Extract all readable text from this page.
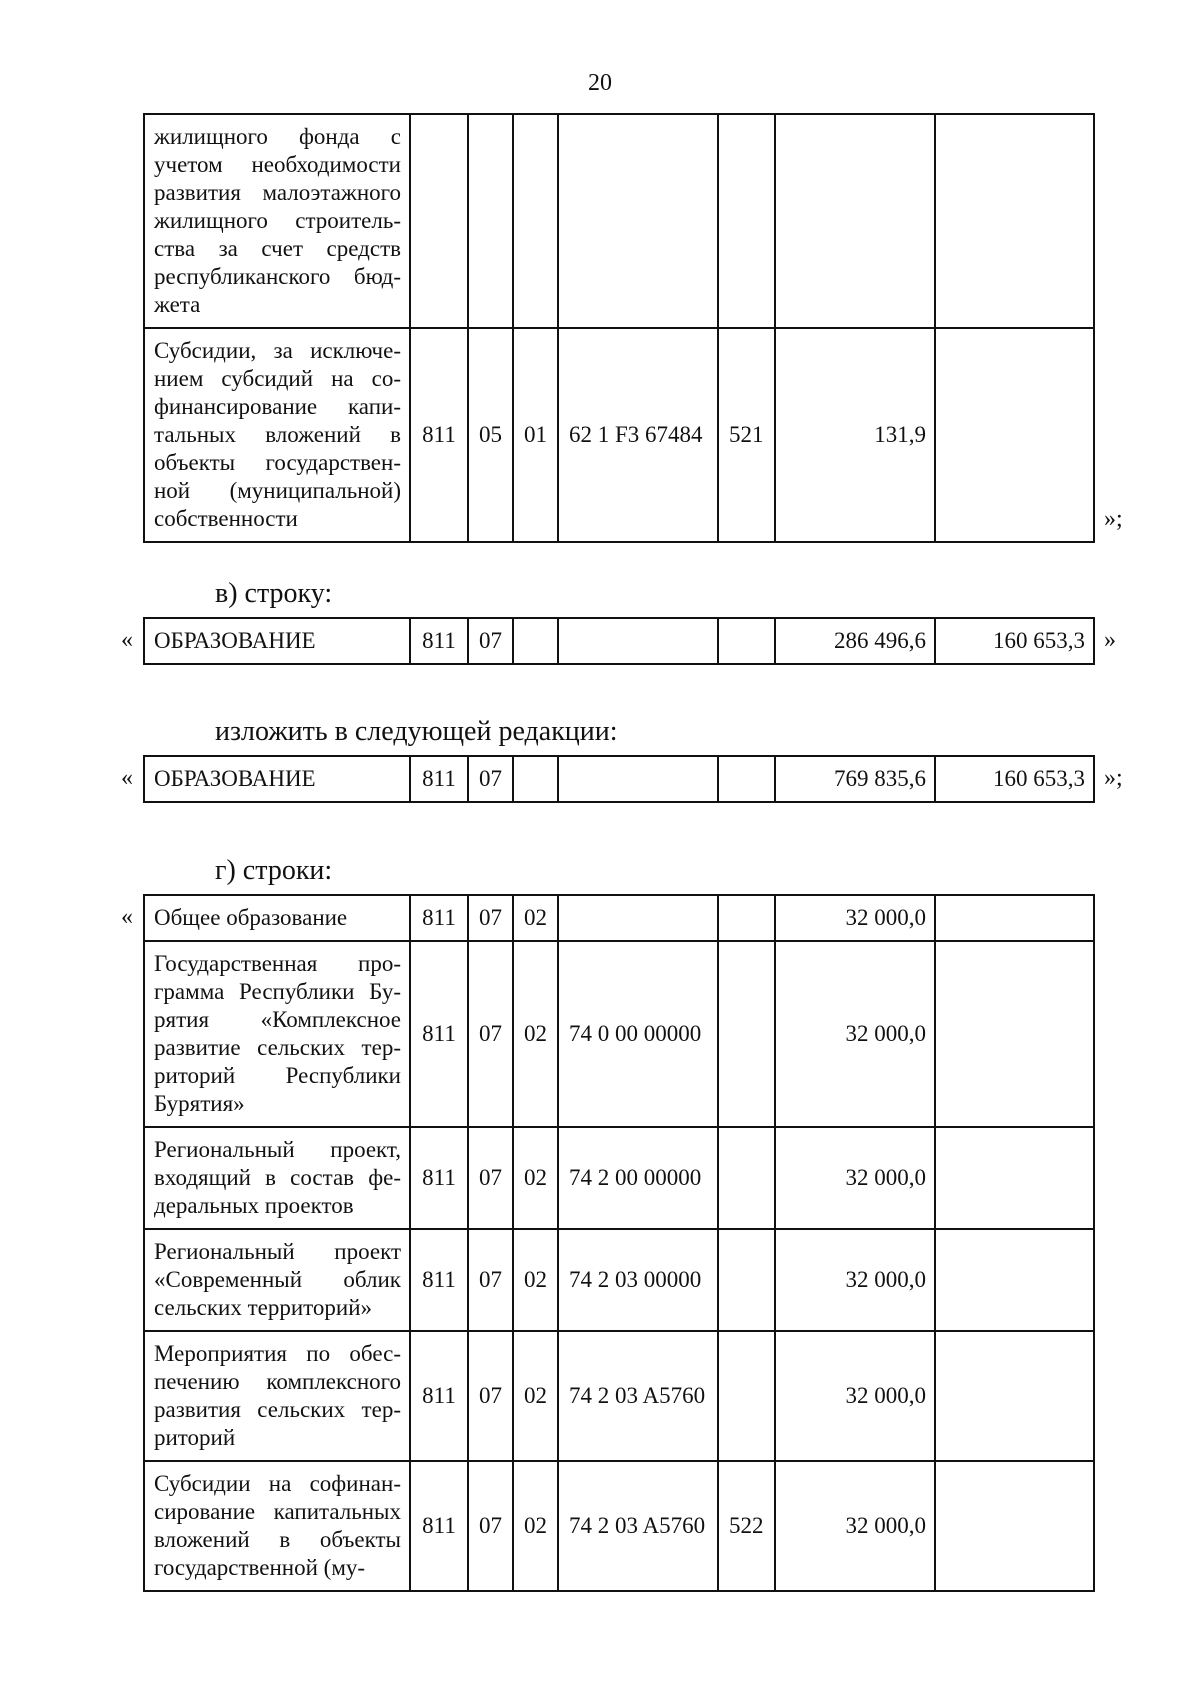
20
жилищного фонда с учетом необходимости развития малоэтажного жилищного строительства за счет средств республиканского бюджета							
Субсидии, за исключением субсидий на софинансирование капитальных вложений в объекты государственной (муниципальной) собственности	811	05	01	62 1 F3 67484	521	131,9	
»;
в) строку:
« ОБРАЗОВАНИЕ	811	07				286 496,6	160 653,3 »
изложить в следующей редакции:
« ОБРАЗОВАНИЕ	811	07				769 835,6	160 653,3 »;
г) строки:
« Общее образование	811	07	02			32 000,0	
Государственная программа Республики Бурятия «Комплексное развитие сельских территорий Республики Бурятия»	811	07	02	74 0 00 00000		32 000,0	
Региональный проект, входящий в состав федеральных проектов	811	07	02	74 2 00 00000		32 000,0	
Региональный проект «Современный облик сельских территорий»	811	07	02	74 2 03 00000		32 000,0	
Мероприятия по обеспечению комплексного развития сельских территорий	811	07	02	74 2 03 A5760		32 000,0	
Субсидии на софинансирование капитальных вложений в объекты государственной (му-	811	07	02	74 2 03 A5760	522	32 000,0	
